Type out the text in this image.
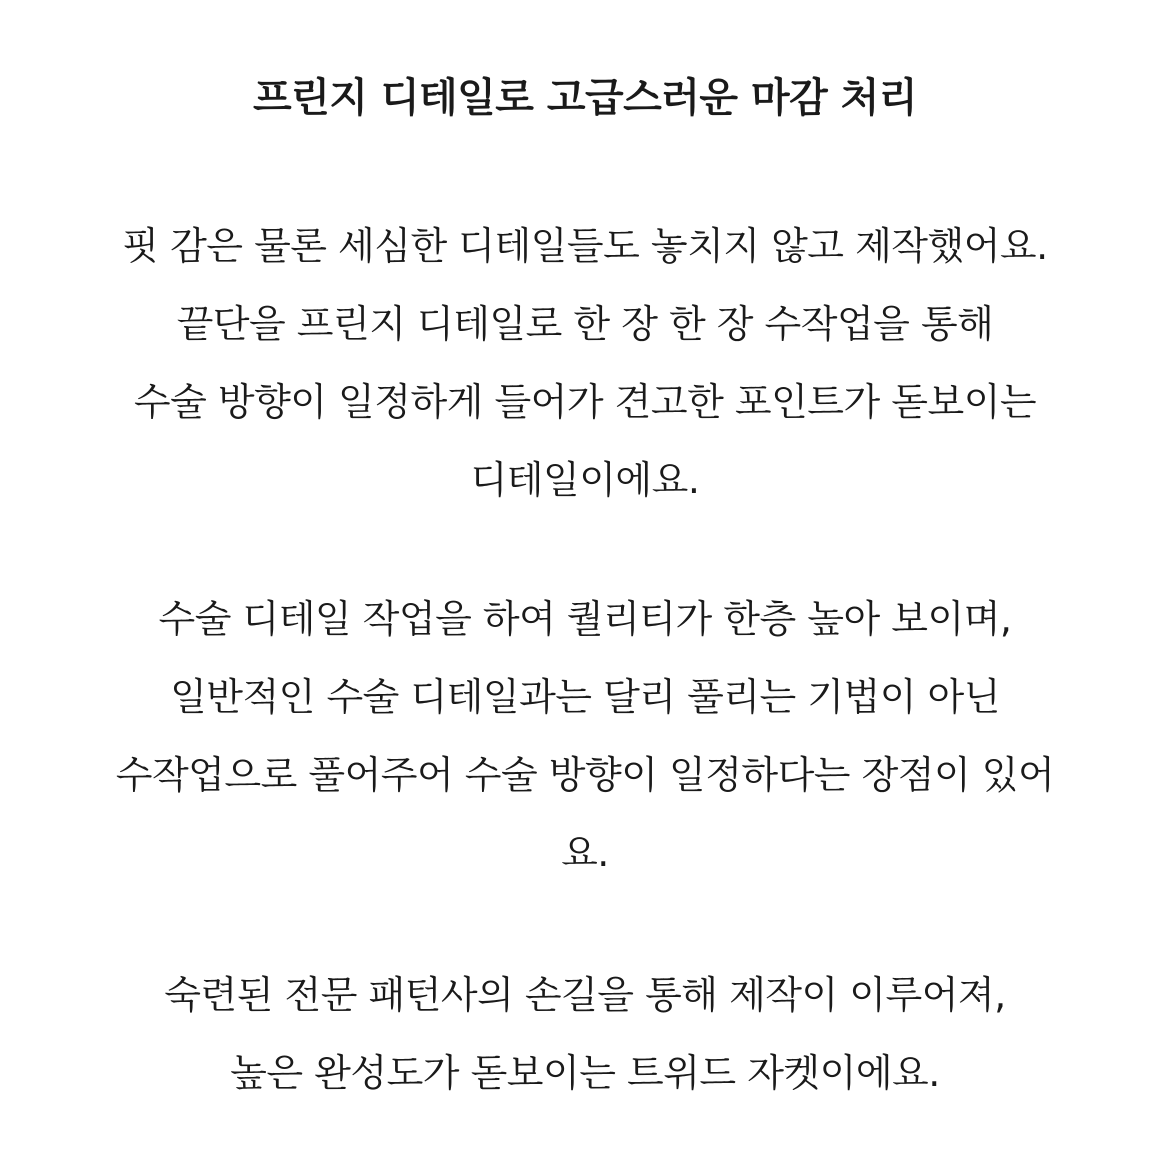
프린지 디테일로 고급스러운 마감 처리

핏 감은 물론 세심한 디테일들도 놓치지 않고 제작했어요.
끝단을 프린지 디테일로 한 장 한 장 수작업을 통해
수술 방향이 일정하게 들어가 견고한 포인트가 돋보이는
디테일이에요.

수술 디테일 작업을 하여 퀄리티가 한층 높아 보이며,
일반적인 수술 디테일과는 달리 풀리는 기법이 아닌
수작업으로 풀어주어 수술 방향이 일정하다는 장점이 있어
요.

숙련된 전문 패턴사의 손길을 통해 제작이 이루어져,
높은 완성도가 돋보이는 트위드 자켓이에요.
